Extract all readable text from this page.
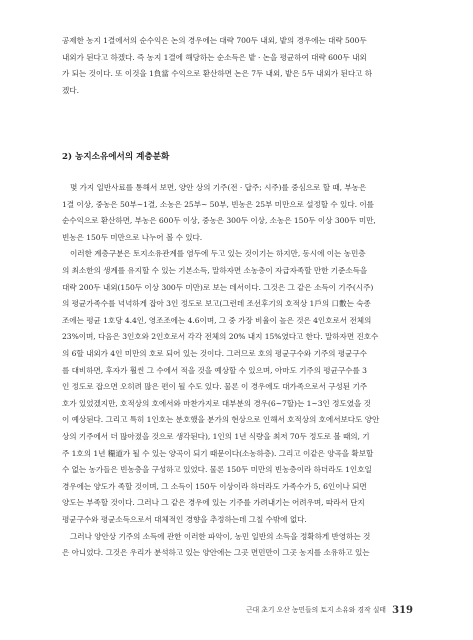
공제한 농지 1결에서의 순수익은 논의 경우에는 대략 700두 내외, 밭의 경우에는 대략 500두
내외가 된다고 하겠다. 즉 농지 1결에 해당하는 순소득은 밭 · 논을 평균하여 대략 600두 내외
가 되는 것이다. 또 이것을 1負當 수익으로 환산하면 논은 7두 내외, 밭은 5두 내외가 된다고 하
겠다.
2) 농지소유에서의 계층분화
몇 가지 일반사료를 통해서 보면, 양안 상의 기주(전 · 답주; 시주)를 중심으로 할 때, 부농은
1결 이상, 중농은 50부~1결, 소농은 25부~ 50부, 빈농은 25부 미만으로 설정할 수 있다. 이를
순수익으로 환산하면, 부농은 600두 이상, 중농은 300두 이상, 소농은 150두 이상 300두 미만,
빈농은 150두 미만으로 나누어 볼 수 있다.
이러한 계층구분은 토지소유관계를 염두에 두고 있는 것이기는 하지만, 동시에 이는 농민층
의 최소한의 생계를 유지할 수 있는 기본소득, 말하자면 소농층이 자급자족할 만한 기준소득을
대략 200두 내외(150두 이상 300두 미만)로 보는 데서이다. 그것은 그 같은 소득이 기주(시주)
의 평균가족수를 넉넉하게 잡아 3인 정도로 보고(그런데 조선후기의 호적상 1戶의 口數는 숙종
조에는 평균 1호당 4.4인, 영조조에는 4.6이며, 그 중 가장 비율이 높은 것은 4인호로서 전체의
23%이며, 다음은 3인호와 2인호로서 각각 전체의 20% 내지 15%였다고 한다. 말하자면 진호수
의 6할 내외가 4인 미만의 호로 되어 있는 것이다. 그러므로 호의 평균구수와 기주의 평균구수
를 대비하면, 후자가 훨씬 그 수에서 적을 것을 예상할 수 있으며, 아마도 기주의 평균구수를 3
인 정도로 잡으면 오히려 많은 편이 될 수도 있다. 물론 이 경우에도 대가족으로서 구성된 기주
호가 있었겠지만, 호적상의 호에서와 마찬가지로 대부분의 경우(6~7할)는 1~3인 정도였을 것
이 예상된다. 그리고 특히 1인호는 분호했을 분가의 현상으로 인해서 호적상의 호에서보다도 양안
상의 기주에서 더 많아졌을 것으로 생각된다), 1인의 1년 식량을 최저 70두 정도로 볼 때의, 기
주 1호의 1년 糧道가 될 수 있는 양곡이 되기 때문이다(소농하층). 그리고 이같은 양곡을 확보할
수 없는 농가들은 빈농층을 구성하고 있었다. 물론 150두 미만의 빈농층이라 하더라도 1인호일
경우에는 양도가 족할 것이며, 그 소득이 150두 이상이라 하더라도 가족수가 5, 6인이나 되면
양도는 부족할 것이다. 그러나 그 같은 경우에 있는 기주를 가려내기는 어려우며, 따라서 단지
평균구수와 평균소득으로서 대체적인 경향을 추정하는데 그칠 수밖에 없다.
그러나 양안상 기주의 소득에 관한 이러한 파악이, 농민 일반의 소득을 정확하게 반영하는 것
은 아니었다. 그것은 우리가 분석하고 있는 양안에는 그곳 면민만이 그곳 농지를 소유하고 있는
근대 초기 오산 농민들의 토지 소유와 경작 실태 319
